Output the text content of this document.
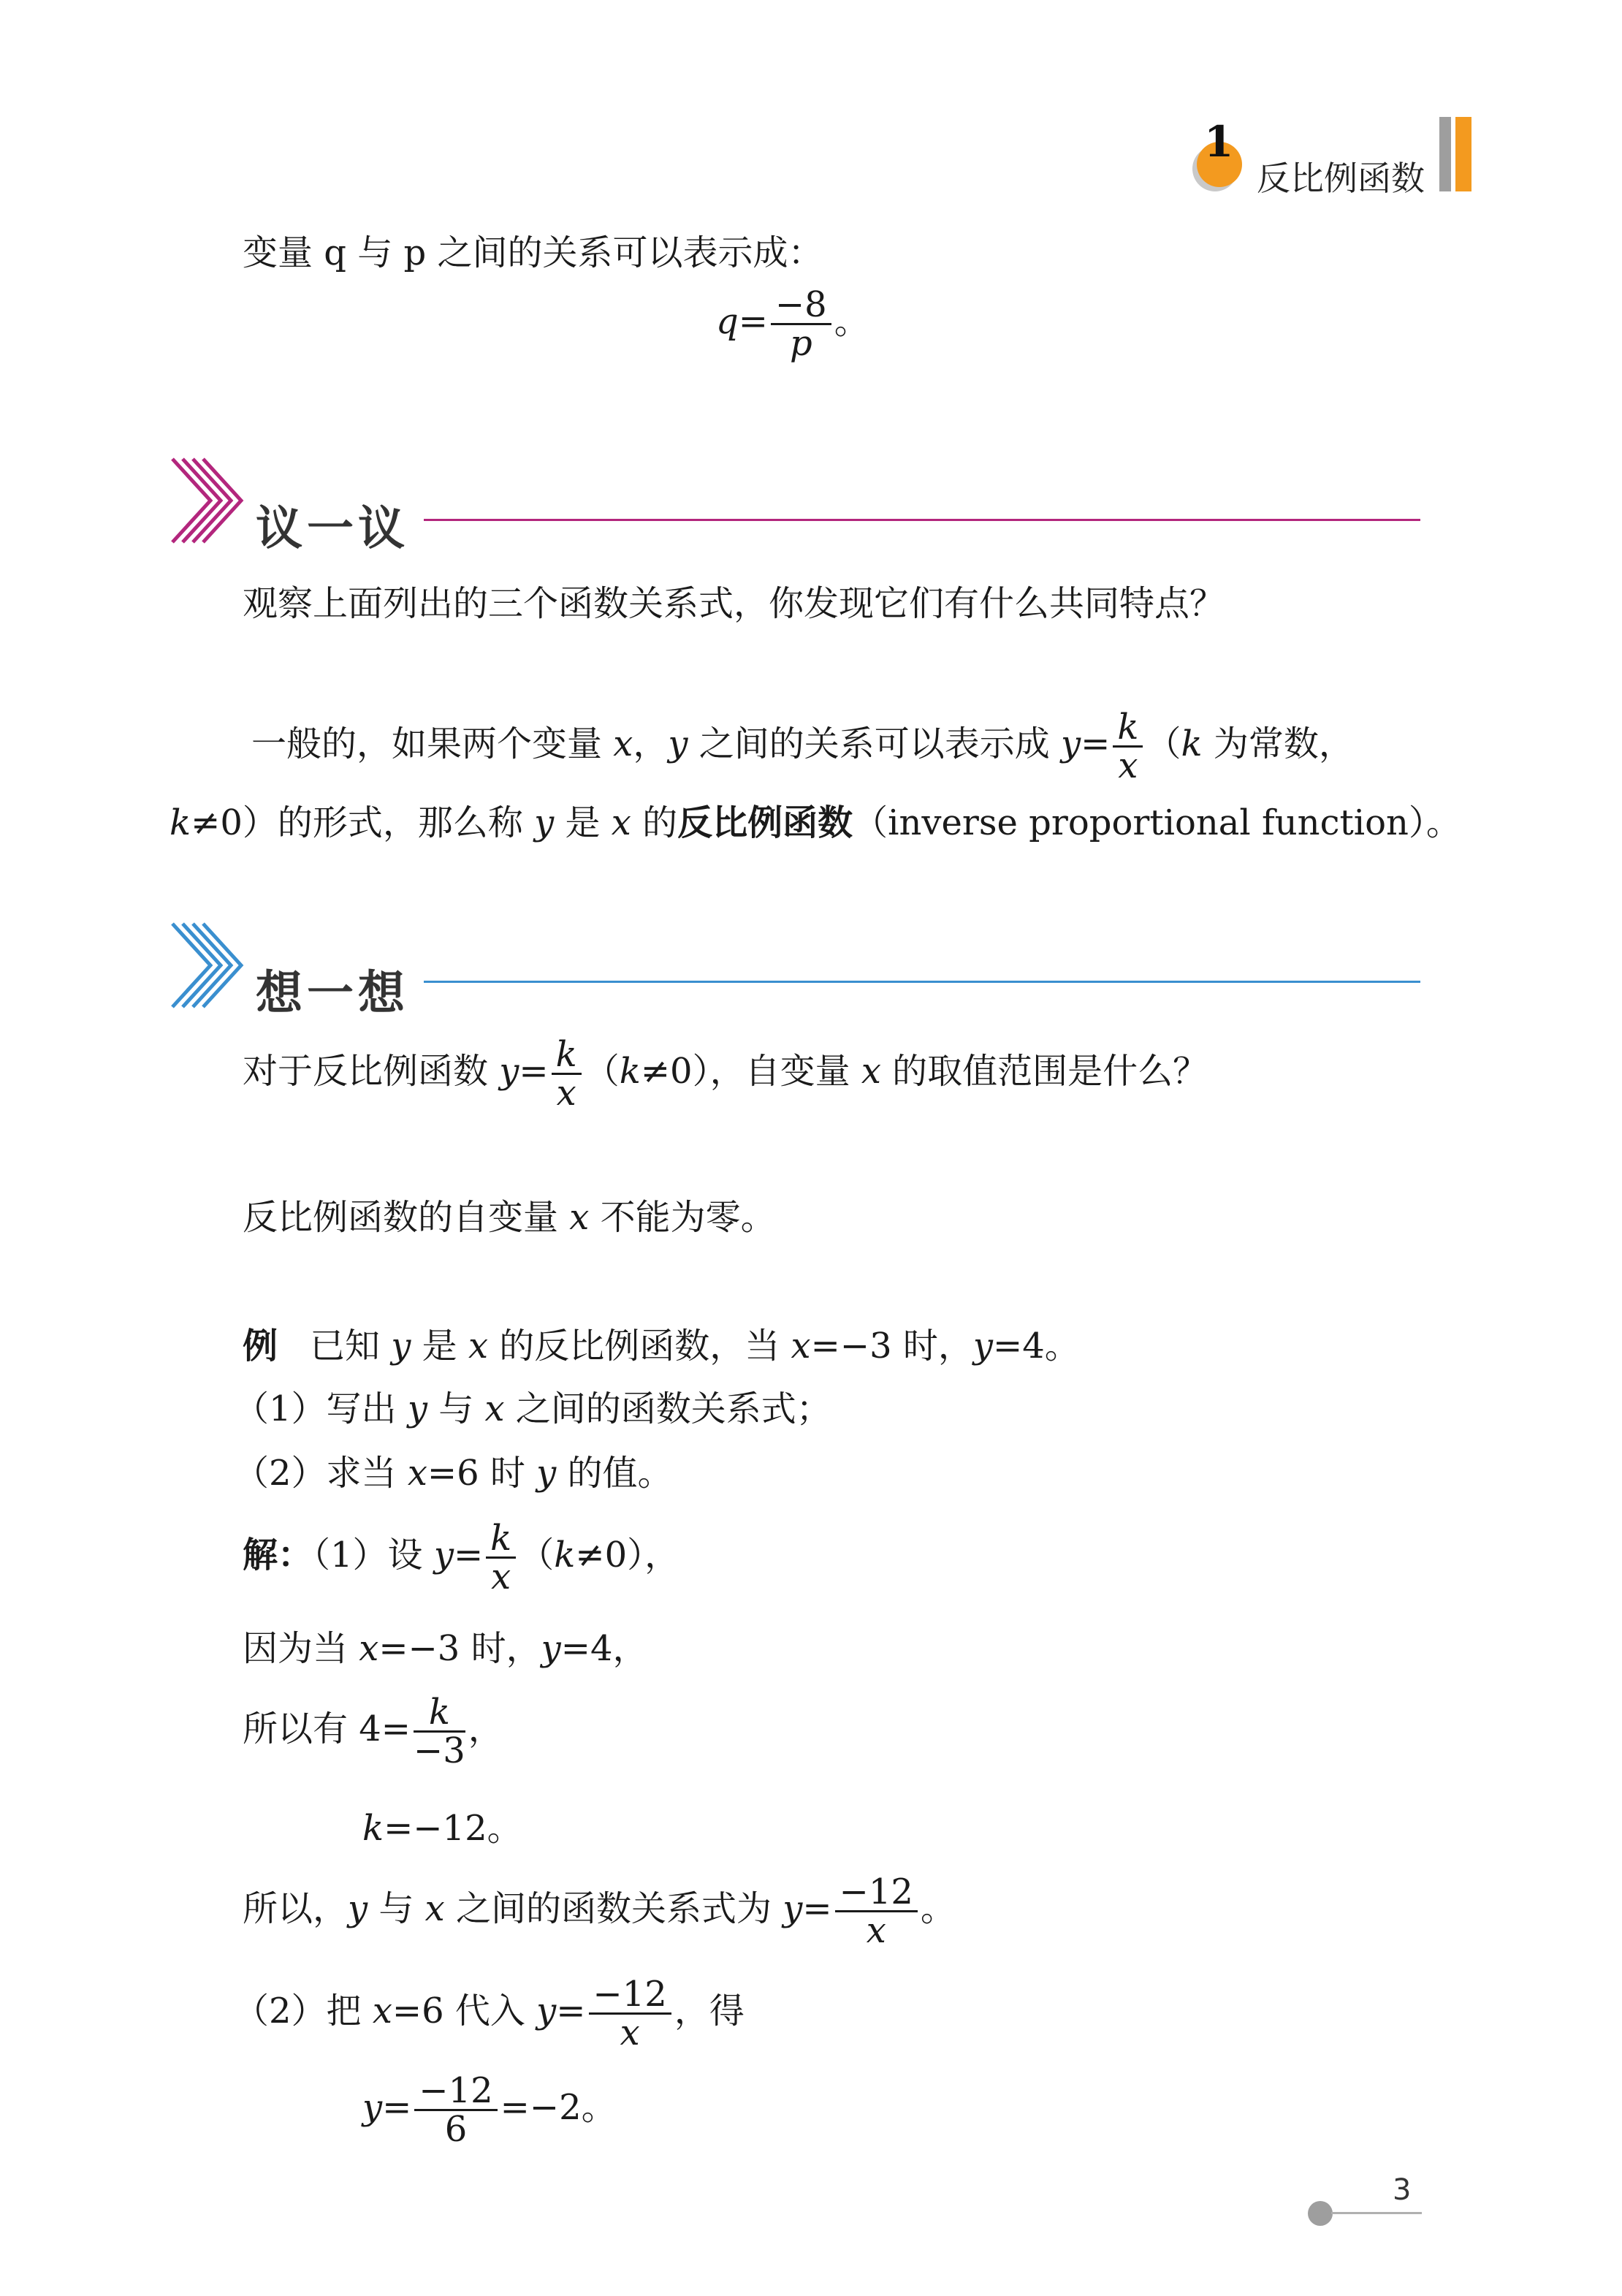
1
反比例函数
变量 q 与 p 之间的关系可以表示成：
$q= \frac{-8}{p}$ 。
议一议
观察上面列出的三个函数关系式，你发现它们有什么共同特点？
一般的，如果两个变量 x，y 之间的关系可以表示成 $y= \frac{k}{x} (k$ 为常数，
k≠0）的形式，那么称 y 是 x 的反比例函数（inverse proportional function）。
想一想
对于反比例函数 $y= \frac{k}{x} (k\ne 0)$，自变量 x 的取值范围是什么？
反比例函数的自变量 x 不能为零。
例 已知 y 是 x 的反比例函数，当 x=−3 时，y=4。
（1）写出 y 与 x 之间的函数关系式；
（2）求当 x=6 时 y 的值。
解：（1）设 $y= \frac{k}{x} (k\ne 0)$，
因为当 x=−3 时，y=4，
所以有 $4= \frac{k}{-3}$ ，
k=−12。
所以，y 与 x 之间的函数关系式为 $y= \frac{-12}{x}$ 。
（2）把 x=6 代入 $y= \frac{-12}{x}$ ，得
$y= \frac{-12}{6} =-2$。
3
